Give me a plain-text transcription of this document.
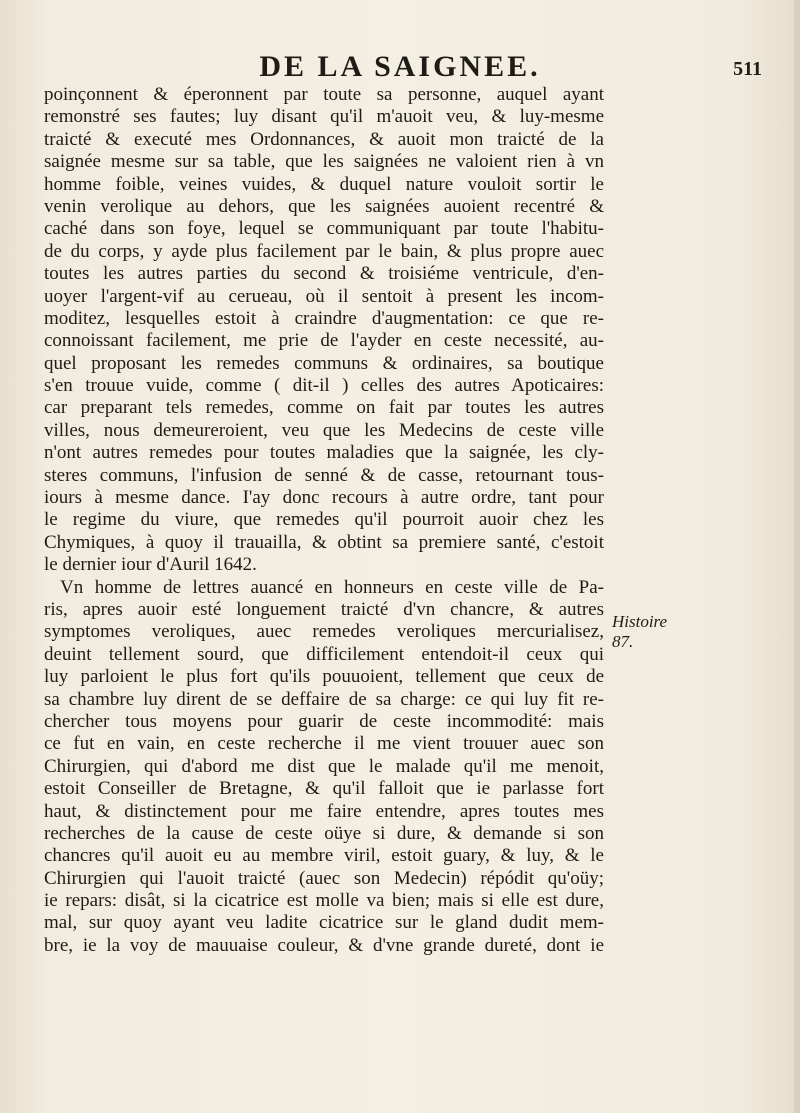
DE LA SAIGNEE.	511
poinçonnent & éperonnent par toute sa personne, auquel ayant
remonstré ses fautes; luy disant qu'il m'auoit veu, & luy-mesme
traicté & executé mes Ordonnances, & auoit mon traicté de la
saignée mesme sur sa table, que les saignées ne valoient rien à vn
homme foible, veines vuides, & duquel nature vouloit sortir le
venin verolique au dehors, que les saignées auoient recentré &
caché dans son foye, lequel se communiquant par toute l'habitu-
de du corps, y ayde plus facilement par le bain, & plus propre auec
toutes les autres parties du second & troisiéme ventricule, d'en-
uoyer l'argent-vif au cerueau, où il sentoit à present les incom-
moditez, lesquelles estoit à craindre d'augmentation: ce que re-
connoissant facilement, me prie de l'ayder en ceste necessité, au-
quel proposant les remedes communs & ordinaires, sa boutique
s'en trouue vuide, comme ( dit-il ) celles des autres Apoticaires:
car preparant tels remedes, comme on fait par toutes les autres
villes, nous demeureroient, veu que les Medecins de ceste ville
n'ont autres remedes pour toutes maladies que la saignée, les cly-
steres communs, l'infusion de senné & de casse, retournant tous-
iours à mesme dance. I'ay donc recours à autre ordre, tant pour
le regime du viure, que remedes qu'il pourroit auoir chez les
Chymiques, à quoy il trauailla, & obtint sa premiere santé, c'estoit
le dernier iour d'Auril 1642.
Vn homme de lettres auancé en honneurs en ceste ville de Pa-
ris, apres auoir esté longuement traicté d'vn chancre, & autres
symptomes veroliques, auec remedes veroliques mercurialisez,
deuint tellement sourd, que difficilement entendoit-il ceux qui
luy parloient le plus fort qu'ils pouuoient, tellement que ceux de
sa chambre luy dirent de se deffaire de sa charge: ce qui luy fit re-
chercher tous moyens pour guarir de ceste incommodité: mais
ce fut en vain, en ceste recherche il me vient trouuer auec son
Chirurgien, qui d'abord me dist que le malade qu'il me menoit,
estoit Conseiller de Bretagne, & qu'il falloit que ie parlasse fort
haut, & distinctement pour me faire entendre, apres toutes mes
recherches de la cause de ceste oüye si dure, & demande si son
chancres qu'il auoit eu au membre viril, estoit guary, & luy, & le
Chirurgien qui l'auoit traicté (auec son Medecin) répódit qu'oüy;
ie repars: disât, si la cicatrice est molle va bien; mais si elle est dure,
mal, sur quoy ayant veu ladite cicatrice sur le gland dudit mem-
bre, ie la voy de mauuaise couleur, & d'vne grande dureté, dont ie
Histoire
87.
